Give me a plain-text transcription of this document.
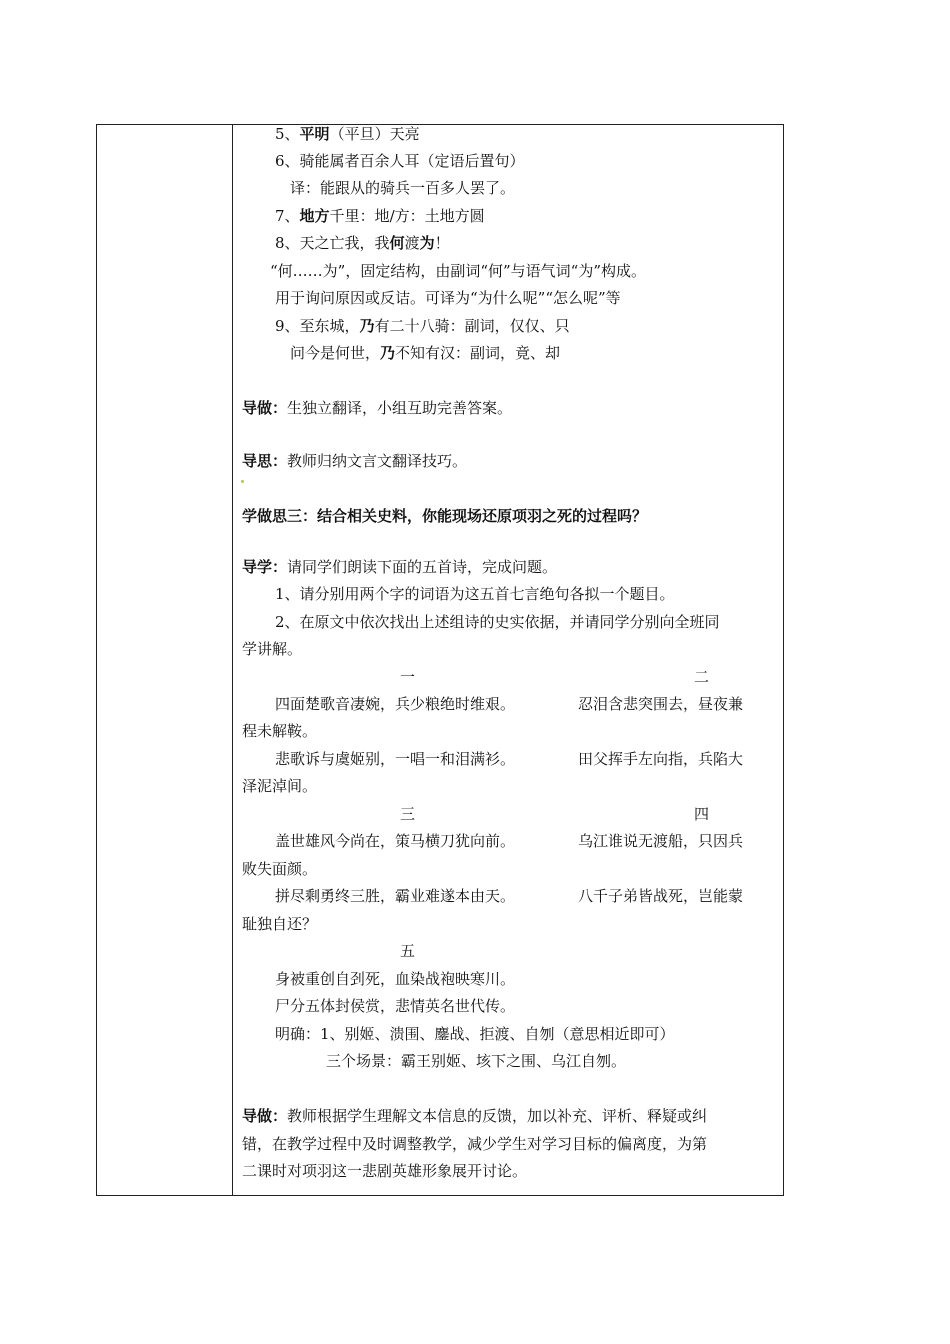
5、平明（平旦）天亮
6、骑能属者百余人耳（定语后置句）
译：能跟从的骑兵一百多人罢了。
7、地方千里：地/方：土地方圆
8、天之亡我，我何渡为！
“何……为”，固定结构，由副词“何”与语气词“为”构成。
用于询问原因或反诘。可译为“为什么呢”“怎么呢”等
9、至东城，乃有二十八骑：副词，仅仅、只
问今是何世，乃不知有汉：副词，竟、却
导做：生独立翻译，小组互助完善答案。
导思：教师归纳文言文翻译技巧。
学做思三：结合相关史料，你能现场还原项羽之死的过程吗？
导学：请同学们朗读下面的五首诗，完成问题。
1、请分别用两个字的词语为这五首七言绝句各拟一个题目。
2、在原文中依次找出上述组诗的史实依据，并请同学分别向全班同
学讲解。
一	二
四面楚歌音凄婉，兵少粮绝时维艰。	忍泪含悲突围去，昼夜兼
程未解鞍。
悲歌诉与虞姬别，一唱一和泪满衫。	田父挥手左向指，兵陷大
泽泥淖间。
三	四
盖世雄风今尚在，策马横刀犹向前。	乌江谁说无渡船，只因兵
败失面颜。
拼尽剩勇终三胜，霸业难遂本由天。	八千子弟皆战死，岂能蒙
耻独自还？
五
身被重创自刭死，血染战袍映寒川。
尸分五体封侯赏，悲情英名世代传。
明确：1、别姬、溃围、鏖战、拒渡、自刎（意思相近即可）
三个场景：霸王别姬、垓下之围、乌江自刎。
导做：教师根据学生理解文本信息的反馈，加以补充、评析、释疑或纠
错，在教学过程中及时调整教学，减少学生对学习目标的偏离度，为第
二课时对项羽这一悲剧英雄形象展开讨论。
